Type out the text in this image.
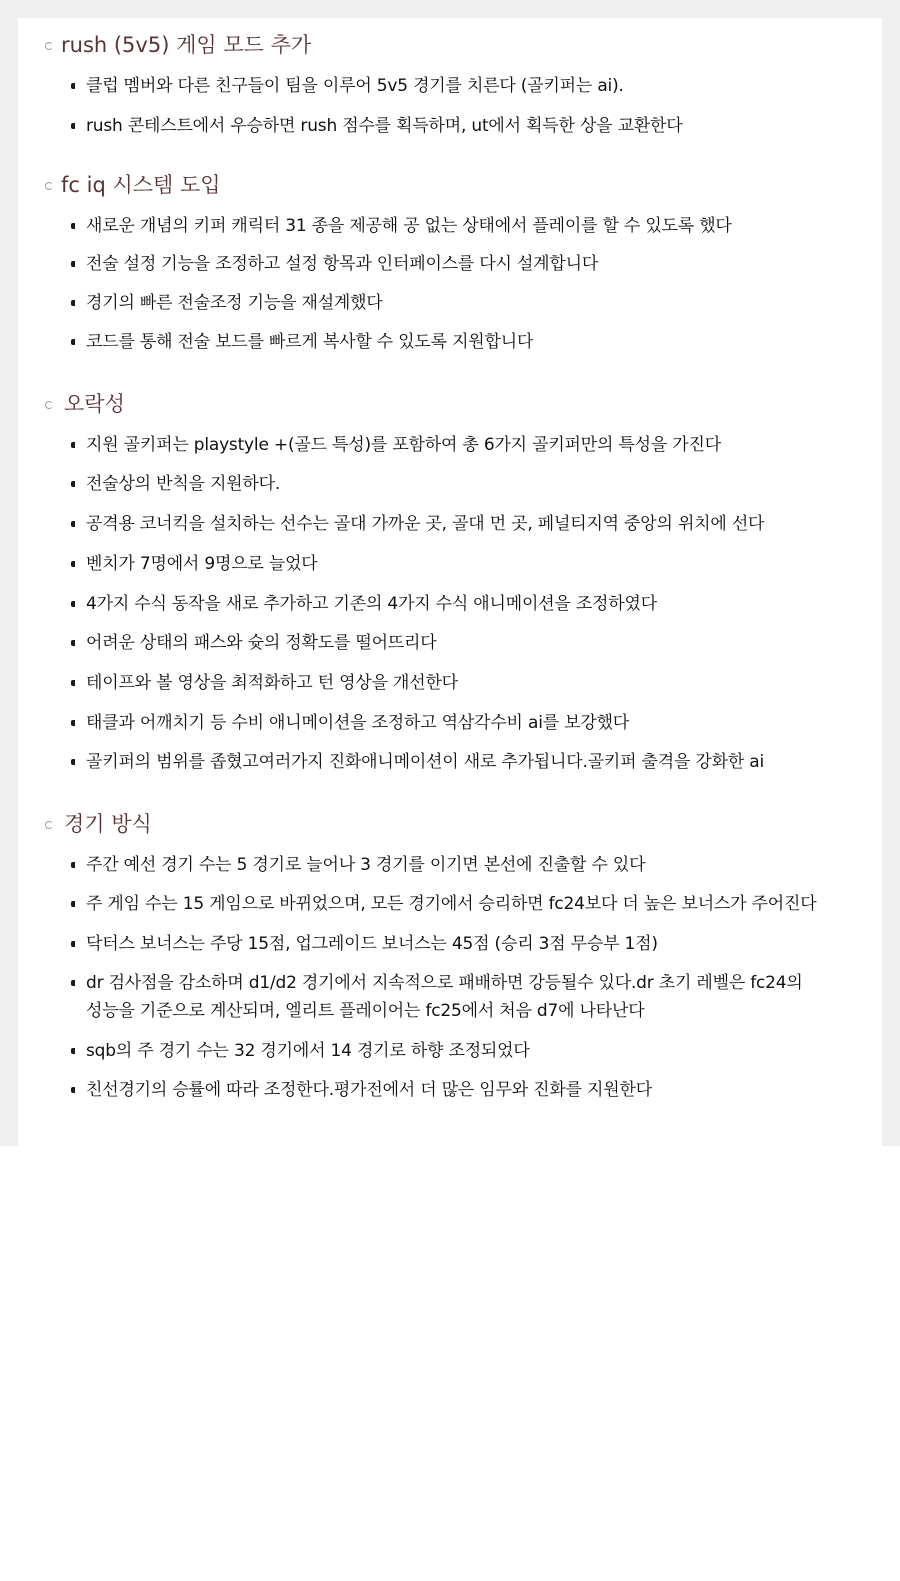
rush (5v5) 게임 모드 추가
클럽 멤버와 다른 친구들이 팀을 이루어 5v5 경기를 치른다 (골키퍼는 ai).
rush 콘테스트에서 우승하면 rush 점수를 획득하며, ut에서 획득한 상을 교환한다
fc iq 시스템 도입
새로운 개념의 키퍼 캐릭터 31 종을 제공해 공 없는 상태에서 플레이를 할 수 있도록 했다
전술 설정 기능을 조정하고 설정 항목과 인터페이스를 다시 설계합니다
경기의 빠른 전술조정 기능을 재설계했다
코드를 통해 전술 보드를 빠르게 복사할 수 있도록 지원합니다
오락성
지원 골키퍼는 playstyle +(골드 특성)를 포함하여 총 6가지 골키퍼만의 특성을 가진다
전술상의 반칙을 지원하다.
공격용 코너킥을 설치하는 선수는 골대 가까운 곳, 골대 먼 곳, 페널티지역 중앙의 위치에 선다
벤치가 7명에서 9명으로 늘었다
4가지 수식 동작을 새로 추가하고 기존의 4가지 수식 애니메이션을 조정하였다
어려운 상태의 패스와 슛의 정확도를 떨어뜨리다
테이프와 볼 영상을 최적화하고 턴 영상을 개선한다
태클과 어깨치기 등 수비 애니메이션을 조정하고 역삼각수비 ai를 보강했다
골키퍼의 범위를 좁혔고여러가지 진화애니메이션이 새로 추가됩니다.골키퍼 출격을 강화한 ai
경기 방식
주간 예선 경기 수는 5 경기로 늘어나 3 경기를 이기면 본선에 진출할 수 있다
주 게임 수는 15 게임으로 바뀌었으며, 모든 경기에서 승리하면 fc24보다 더 높은 보너스가 주어진다
닥터스 보너스는 주당 15점, 업그레이드 보너스는 45점 (승리 3점 무승부 1점)
dr 검사점을 감소하며 d1/d2 경기에서 지속적으로 패배하면 강등될수 있다.dr 초기 레벨은 fc24의 성능을 기준으로 계산되며, 엘리트 플레이어는 fc25에서 처음 d7에 나타난다
sqb의 주 경기 수는 32 경기에서 14 경기로 하향 조정되었다
친선경기의 승률에 따라 조정한다.평가전에서 더 많은 임무와 진화를 지원한다
